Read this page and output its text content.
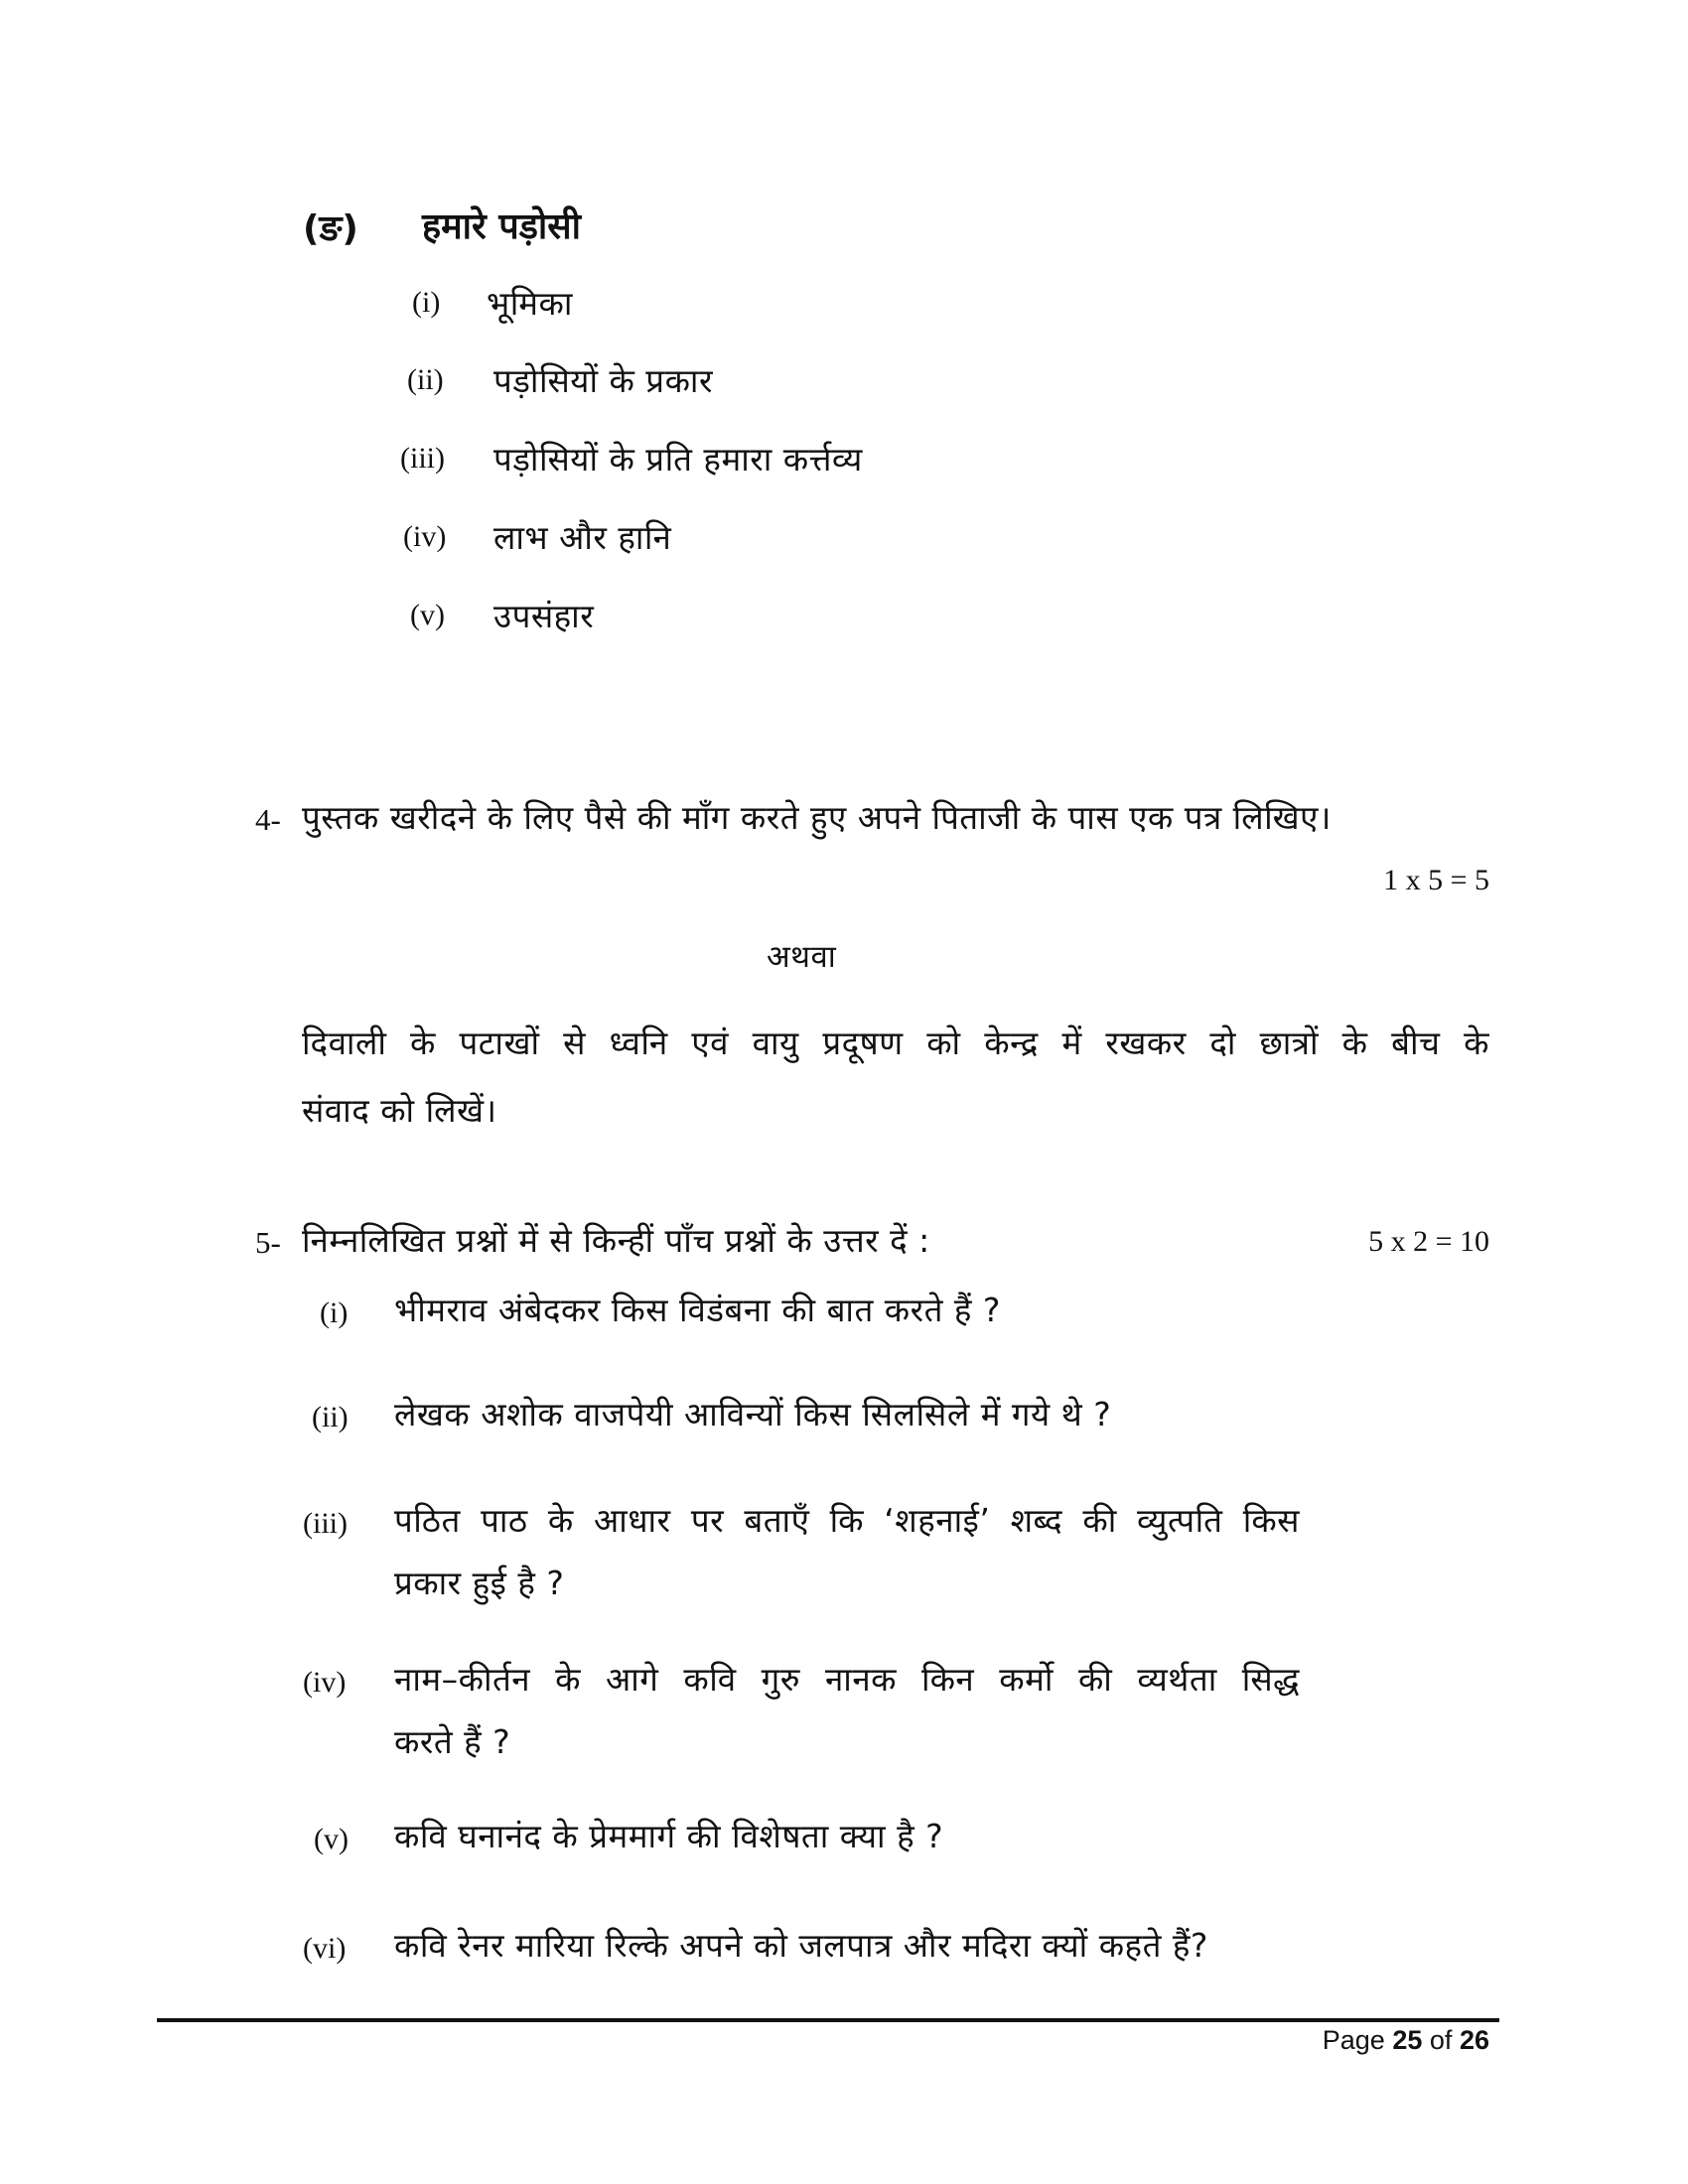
(ङ) हमारे पड़ोसी
(i) भूमिका
(ii) पड़ोसियों के प्रकार
(iii) पड़ोसियों के प्रति हमारा कर्त्तव्य
(iv) लाभ और हानि
(v) उपसंहार
4- पुस्तक खरीदने के लिए पैसे की माँग करते हुए अपने पिताजी के पास एक पत्र लिखिए।
1 x 5 = 5
अथवा
दिवाली के पटाखों से ध्वनि एवं वायु प्रदूषण को केन्द्र में रखकर दो छात्रों के बीच के
संवाद को लिखें।
5- निम्नलिखित प्रश्नों में से किन्हीं पाँच प्रश्नों के उत्तर दें :	5 x 2 = 10
(i) भीमराव अंबेदकर किस विडंबना की बात करते हैं ?
(ii) लेखक अशोक वाजपेयी आविन्यों किस सिलसिले में गये थे ?
(iii) पठित पाठ के आधार पर बताएँ कि ‘शहनाई’ शब्द की व्युत्पति किस
प्रकार हुई है ?
(iv) नाम–कीर्तन के आगे कवि गुरु नानक किन कर्मो की व्यर्थता सिद्ध
करते हैं ?
(v) कवि घनानंद के प्रेममार्ग की विशेषता क्या है ?
(vi) कवि रेनर मारिया रिल्के अपने को जलपात्र और मदिरा क्यों कहते हैं?
Page 25 of 26
